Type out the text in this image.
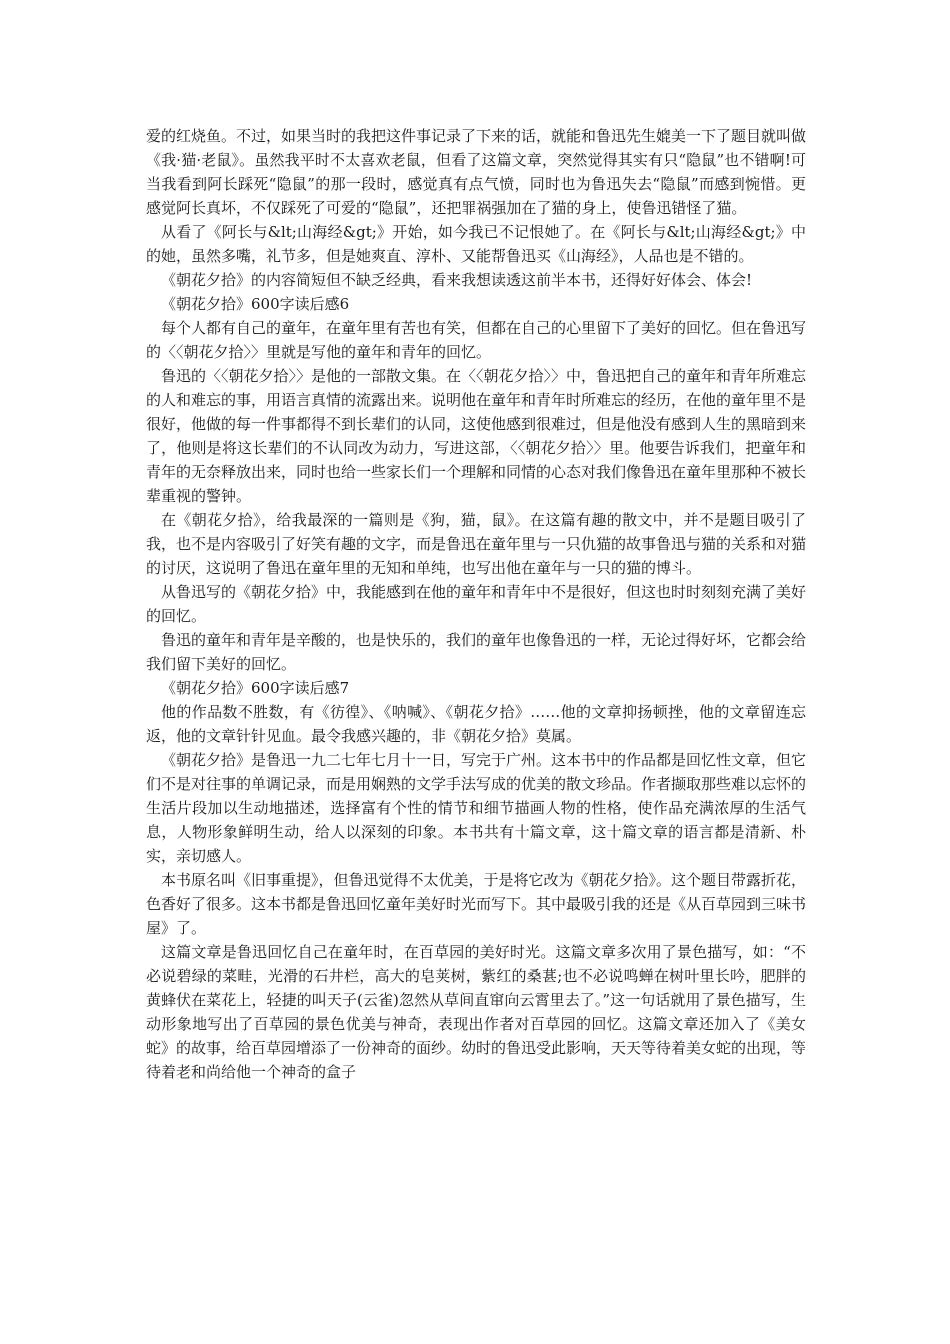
爱的红烧鱼。不过，如果当时的我把这件事记录了下来的话，就能和鲁迅先生媲美一下了题目就叫做《我·猫·老鼠》。虽然我平时不太喜欢老鼠，但看了这篇文章，突然觉得其实有只“隐鼠”也不错啊!可当我看到阿长踩死“隐鼠”的那一段时，感觉真有点气愤，同时也为鲁迅失去“隐鼠”而感到惋惜。更感觉阿长真坏，不仅踩死了可爱的“隐鼠”，还把罪祸强加在了猫的身上，使鲁迅错怪了猫。

从看了《阿长与&lt;山海经&gt;》开始，如今我已不记恨她了。在《阿长与&lt;山海经&gt;》中的她，虽然多嘴，礼节多，但是她爽直、淳朴、又能帮鲁迅买《山海经》，人品也是不错的。

《朝花夕拾》的内容简短但不缺乏经典，看来我想读透这前半本书，还得好好体会、体会!

《朝花夕拾》600字读后感6

每个人都有自己的童年，在童年里有苦也有笑，但都在自己的心里留下了美好的回忆。但在鲁迅写的〈〈朝花夕拾〉〉里就是写他的童年和青年的回忆。

鲁迅的〈〈朝花夕拾〉〉是他的一部散文集。在〈〈朝花夕拾〉〉中，鲁迅把自己的童年和青年所难忘的人和难忘的事，用语言真情的流露出来。说明他在童年和青年时所难忘的经历，在他的童年里不是很好，他做的每一件事都得不到长辈们的认同，这使他感到很难过，但是他没有感到人生的黑暗到来了，他则是将这长辈们的不认同改为动力，写进这部，〈〈朝花夕拾〉〉里。他要告诉我们，把童年和青年的无奈释放出来，同时也给一些家长们一个理解和同情的心态对我们像鲁迅在童年里那种不被长辈重视的警钟。

在《朝花夕拾》，给我最深的一篇则是《狗，猫，鼠》。在这篇有趣的散文中，并不是题目吸引了我，也不是内容吸引了好笑有趣的文字，而是鲁迅在童年里与一只仇猫的故事鲁迅与猫的关系和对猫的讨厌，这说明了鲁迅在童年里的无知和单纯，也写出他在童年与一只的猫的博斗。

从鲁迅写的《朝花夕拾》中，我能感到在他的童年和青年中不是很好，但这也时时刻刻充满了美好的回忆。

鲁迅的童年和青年是辛酸的，也是快乐的，我们的童年也像鲁迅的一样，无论过得好坏，它都会给我们留下美好的回忆。

《朝花夕拾》600字读后感7

他的作品数不胜数，有《彷徨》、《呐喊》、《朝花夕拾》……他的文章抑扬顿挫，他的文章留连忘返，他的文章针针见血。最令我感兴趣的，非《朝花夕拾》莫属。

《朝花夕拾》是鲁迅一九二七年七月十一日，写完于广州。这本书中的作品都是回忆性文章，但它们不是对往事的单调记录，而是用娴熟的文学手法写成的优美的散文珍品。作者撷取那些难以忘怀的生活片段加以生动地描述，选择富有个性的情节和细节描画人物的性格，使作品充满浓厚的生活气息，人物形象鲜明生动，给人以深刻的印象。本书共有十篇文章，这十篇文章的语言都是清新、朴实，亲切感人。

本书原名叫《旧事重提》，但鲁迅觉得不太优美，于是将它改为《朝花夕拾》。这个题目带露折花，色香好了很多。这本书都是鲁迅回忆童年美好时光而写下。其中最吸引我的还是《从百草园到三味书屋》了。

这篇文章是鲁迅回忆自己在童年时，在百草园的美好时光。这篇文章多次用了景色描写，如：“不必说碧绿的菜畦，光滑的石井栏，高大的皂荚树，紫红的桑葚;也不必说鸣蝉在树叶里长吟，肥胖的黄蜂伏在菜花上，轻捷的叫天子(云雀)忽然从草间直窜向云霄里去了。”这一句话就用了景色描写，生动形象地写出了百草园的景色优美与神奇，表现出作者对百草园的回忆。这篇文章还加入了《美女蛇》的故事，给百草园增添了一份神奇的面纱。幼时的鲁迅受此影响，天天等待着美女蛇的出现，等待着老和尚给他一个神奇的盒子
